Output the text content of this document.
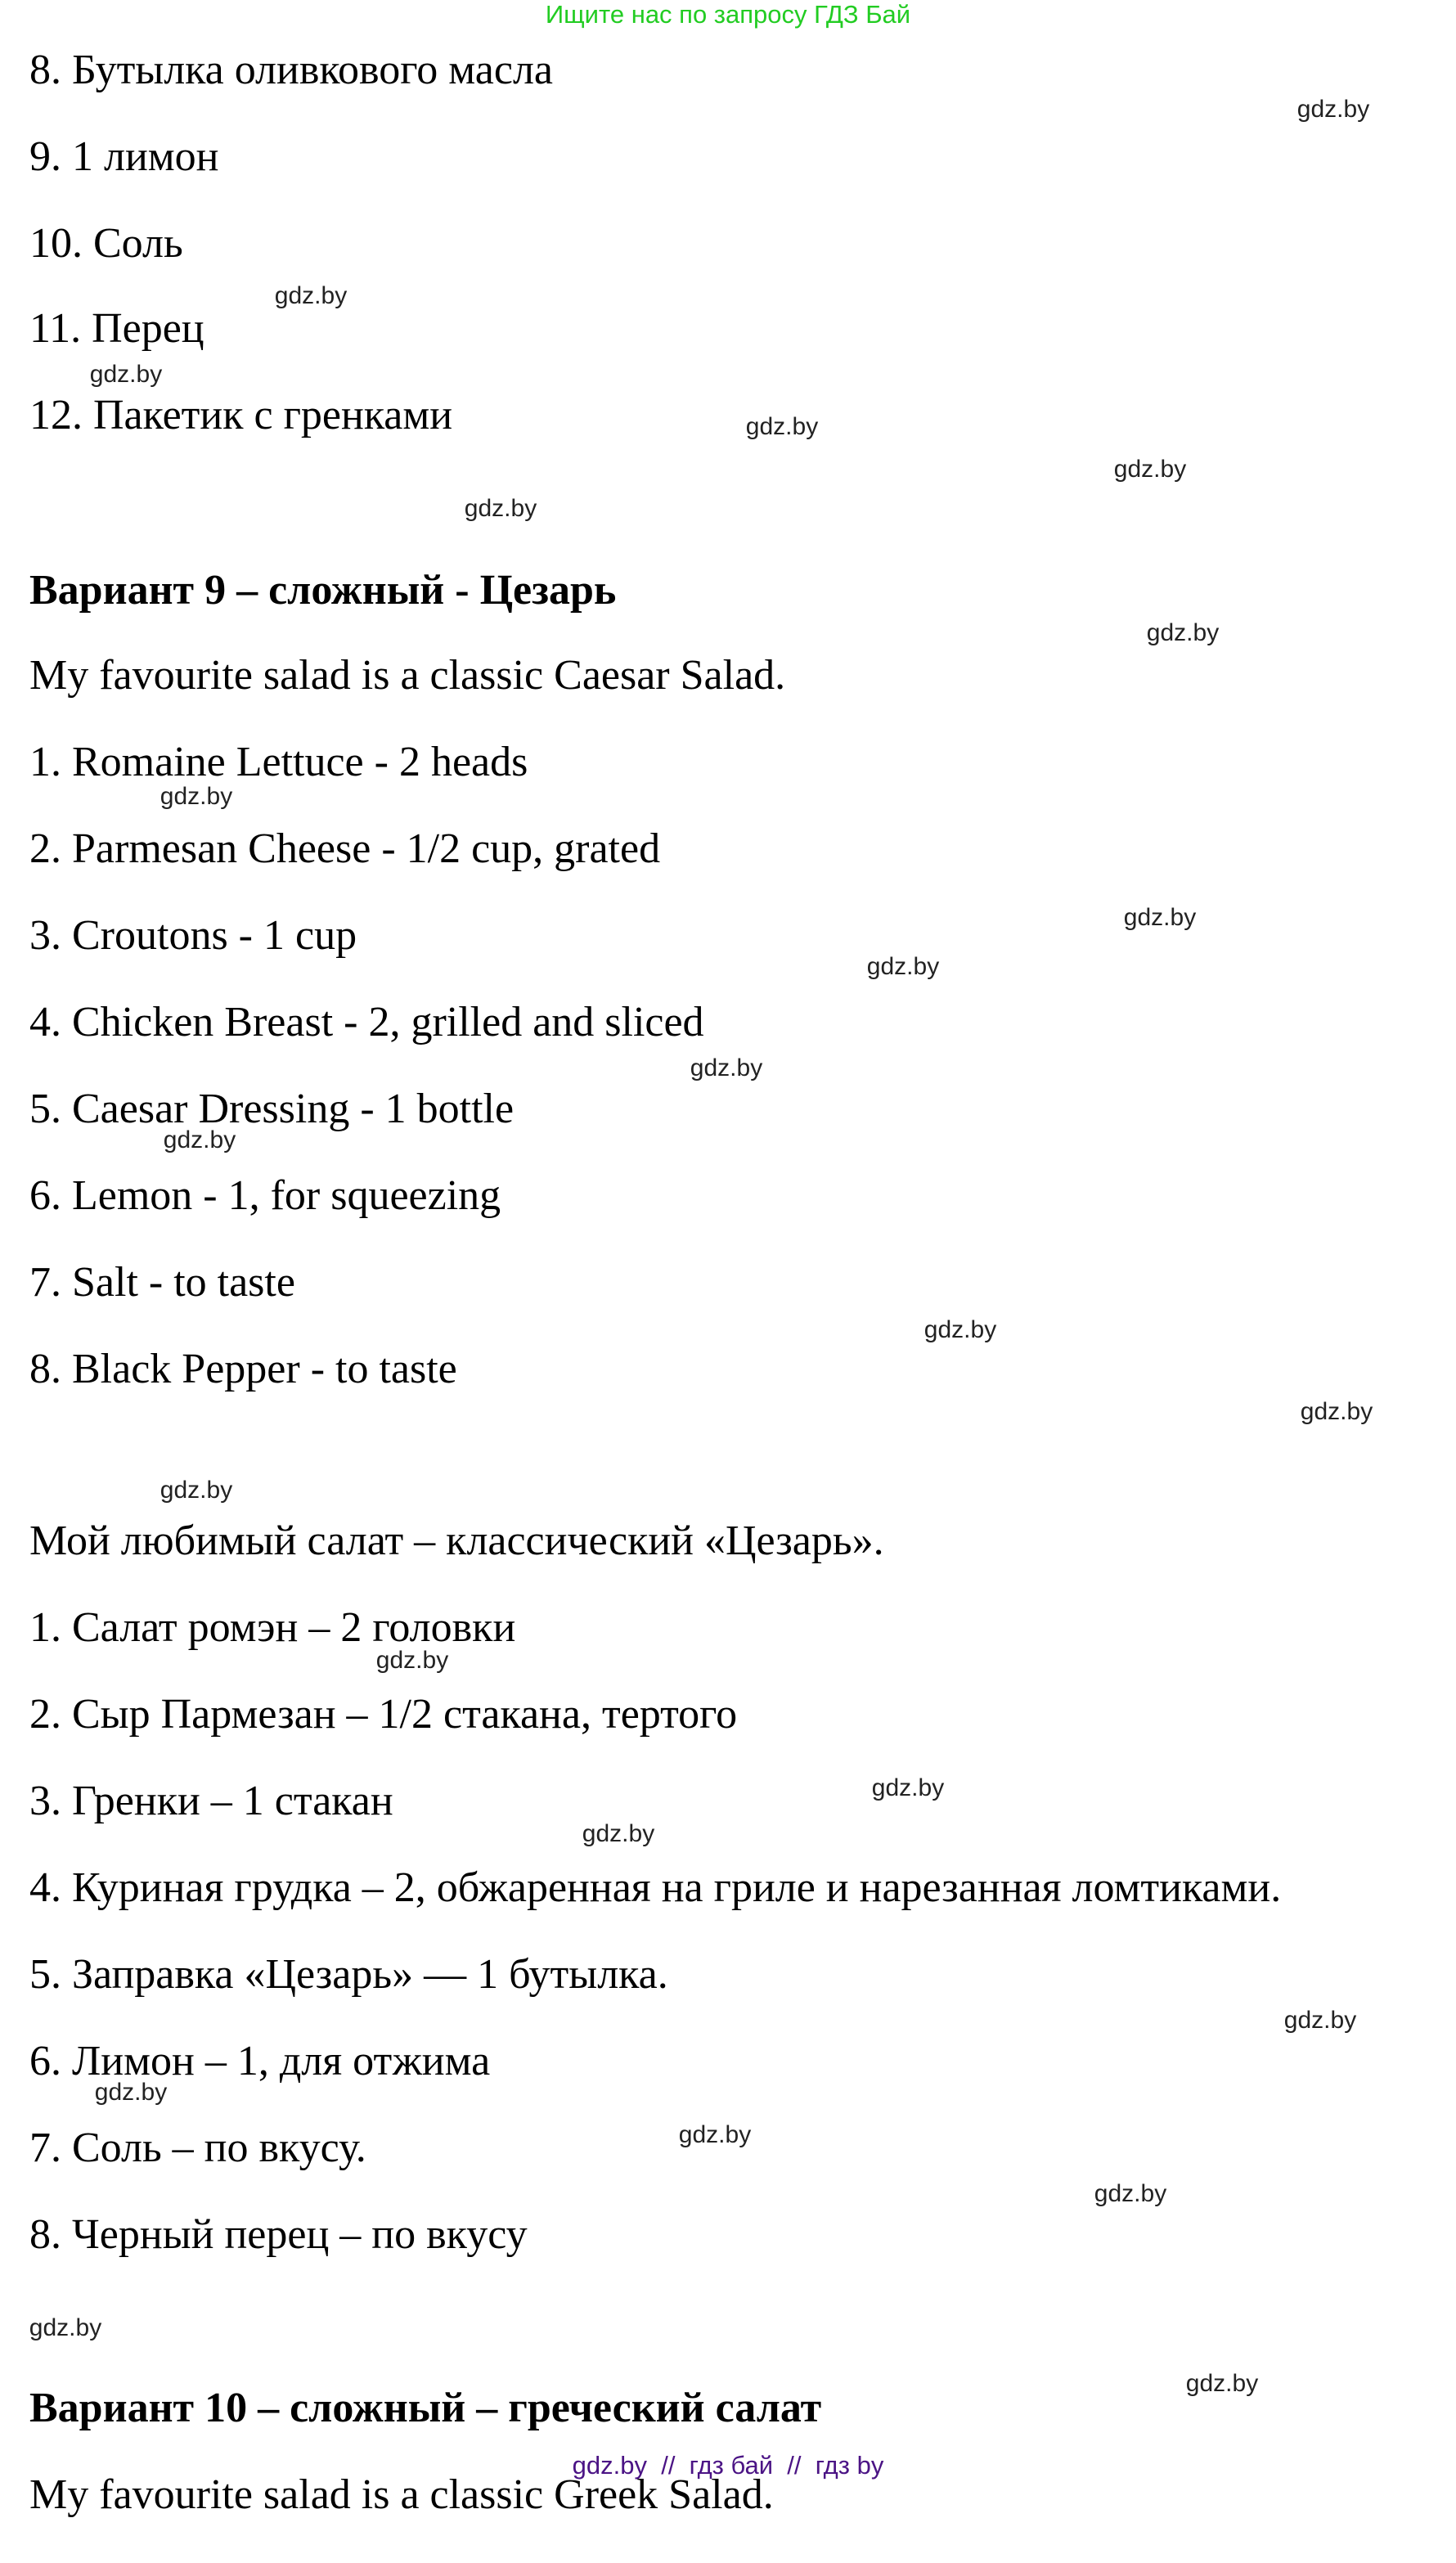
Ищите нас по запросу ГДЗ Бай
8. Бутылка оливкового масла
9. 1 лимон
10. Соль
11. Перец
12. Пакетик с гренками
Вариант 9 – сложный - Цезарь
My favourite salad is a classic Caesar Salad.
1. Romaine Lettuce - 2 heads
2. Parmesan Cheese - 1/2 cup, grated
3. Croutons - 1 cup
4. Chicken Breast - 2, grilled and sliced
5. Caesar Dressing - 1 bottle
6. Lemon - 1, for squeezing
7. Salt - to taste
8. Black Pepper - to taste
Мой любимый салат – классический «Цезарь».
1. Салат ромэн – 2 головки
2. Сыр Пармезан – 1/2 стакана, тертого
3. Гренки – 1 стакан
4. Куриная грудка – 2, обжаренная на гриле и нарезанная ломтиками.
5. Заправка «Цезарь» — 1 бутылка.
6. Лимон – 1, для отжима
7. Соль – по вкусу.
8. Черный перец – по вкусу
Вариант 10 – сложный – греческий салат
My favourite salad is a classic Greek Salad.
gdz.by
gdz.by
gdz.by
gdz.by
gdz.by
gdz.by
gdz.by
gdz.by
gdz.by
gdz.by
gdz.by
gdz.by
gdz.by
gdz.by
gdz.by
gdz.by
gdz.by
gdz.by
gdz.by
gdz.by
gdz.by
gdz.by
gdz.by
gdz.by
gdz.by  //  гдз бай  //  гдз by
